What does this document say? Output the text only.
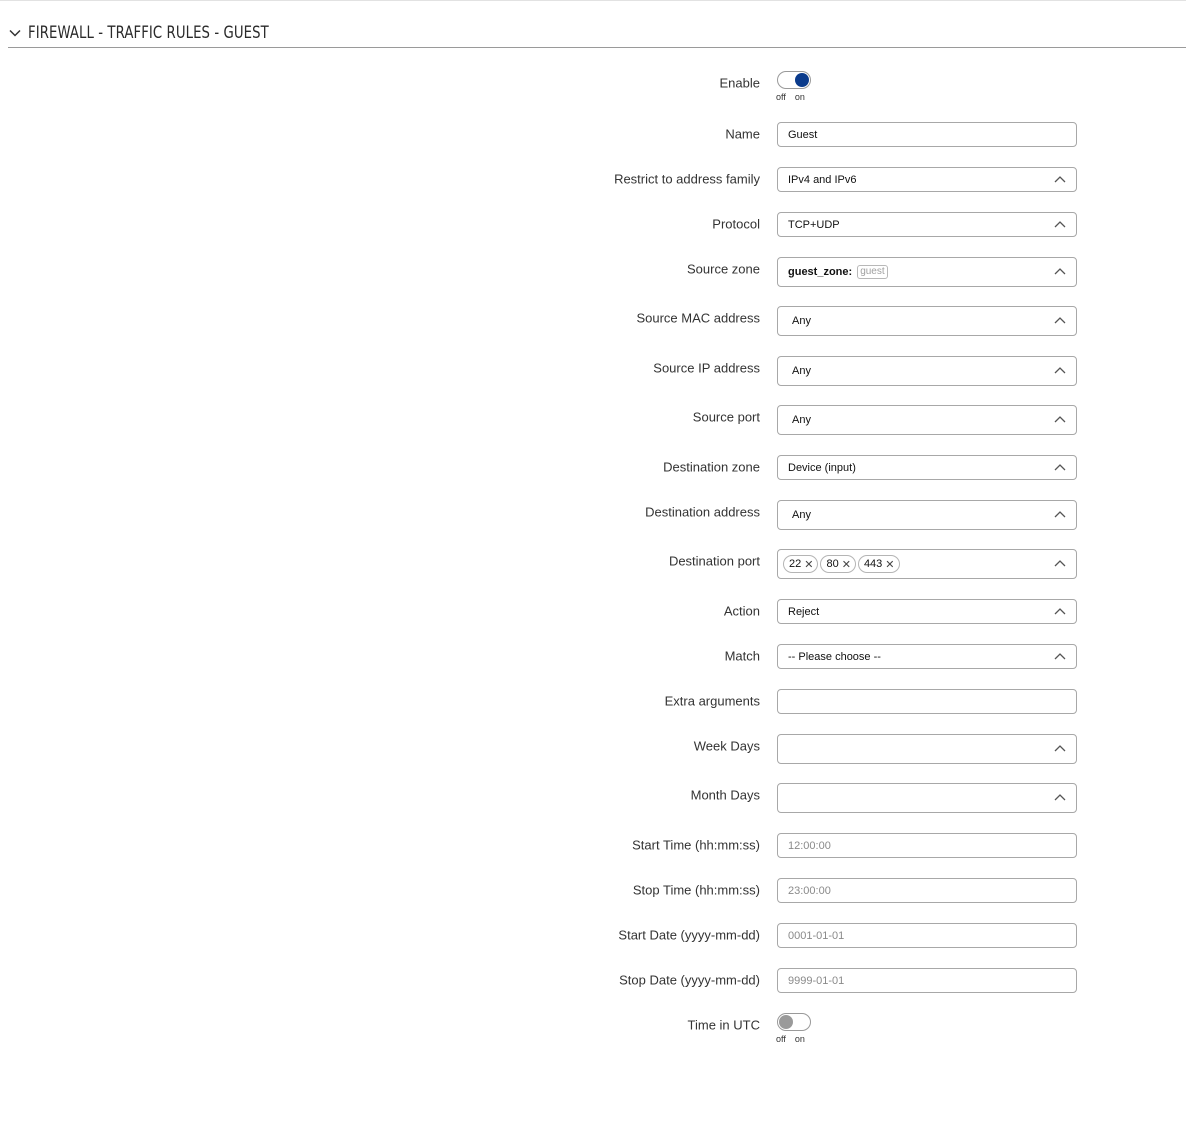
FIREWALL - TRAFFIC RULES - GUEST
Enable
off on
Name	Guest
Restrict to address family	IPv4 and IPv6
Protocol	TCP+UDP
Source zone	guest_zone: guest
Source MAC address	Any
Source IP address	Any
Source port	Any
Destination zone	Device (input)
Destination address	Any
Destination port	22 ✕ 80 ✕ 443 ✕
Action	Reject
Match	-- Please choose --
Extra arguments
Week Days
Month Days
Start Time (hh:mm:ss)	12:00:00
Stop Time (hh:mm:ss)	23:00:00
Start Date (yyyy-mm-dd)	0001-01-01
Stop Date (yyyy-mm-dd)	9999-01-01
Time in UTC
off on
